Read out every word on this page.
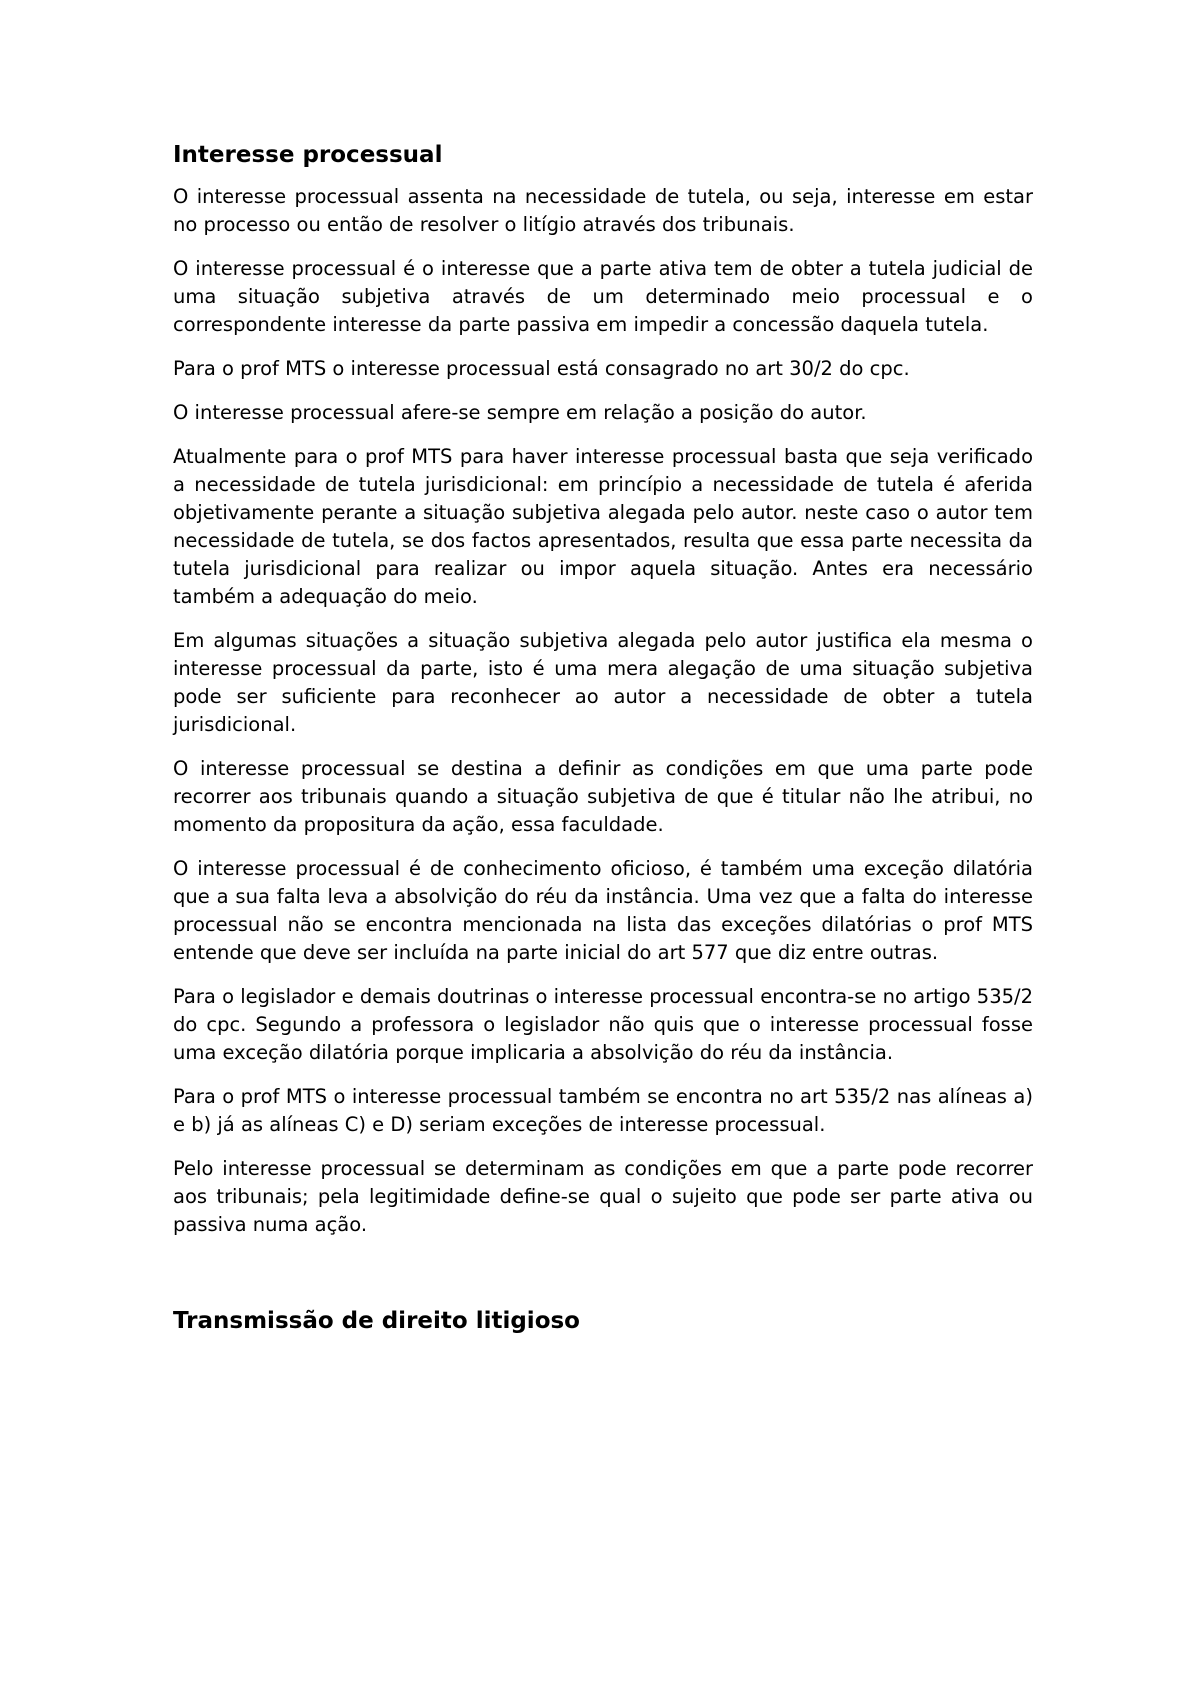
Interesse processual

O interesse processual assenta na necessidade de tutela, ou seja, interesse em estar no processo ou então de resolver o litígio através dos tribunais.

O interesse processual é o interesse que a parte ativa tem de obter a tutela judicial de uma situação subjetiva através de um determinado meio processual e o correspondente interesse da parte passiva em impedir a concessão daquela tutela.

Para o prof MTS o interesse processual está consagrado no art 30/2 do cpc.

O interesse processual afere-se sempre em relação a posição do autor.

Atualmente para o prof MTS para haver interesse processual basta que seja verificado a necessidade de tutela jurisdicional: em princípio a necessidade de tutela é aferida objetivamente perante a situação subjetiva alegada pelo autor. neste caso o autor tem necessidade de tutela, se dos factos apresentados, resulta que essa parte necessita da tutela jurisdicional para realizar ou impor aquela situação. Antes era necessário também a adequação do meio.

Em algumas situações a situação subjetiva alegada pelo autor justifica ela mesma o interesse processual da parte, isto é uma mera alegação de uma situação subjetiva pode ser suficiente para reconhecer ao autor a necessidade de obter a tutela jurisdicional.

O interesse processual se destina a definir as condições em que uma parte pode recorrer aos tribunais quando a situação subjetiva de que é titular não lhe atribui, no momento da propositura da ação, essa faculdade.

O interesse processual é de conhecimento oficioso, é também uma exceção dilatória que a sua falta leva a absolvição do réu da instância. Uma vez que a falta do interesse processual não se encontra mencionada na lista das exceções dilatórias o prof MTS entende que deve ser incluída na parte inicial do art 577 que diz entre outras.

Para o legislador e demais doutrinas o interesse processual encontra-se no artigo 535/2 do cpc. Segundo a professora o legislador não quis que o interesse processual fosse uma exceção dilatória porque implicaria a absolvição do réu da instância.

Para o prof MTS o interesse processual também se encontra no art 535/2 nas alíneas a) e b) já as alíneas C) e D) seriam exceções de interesse processual.

Pelo interesse processual se determinam as condições em que a parte pode recorrer aos tribunais; pela legitimidade define-se qual o sujeito que pode ser parte ativa ou passiva numa ação.

Transmissão de direito litigioso
